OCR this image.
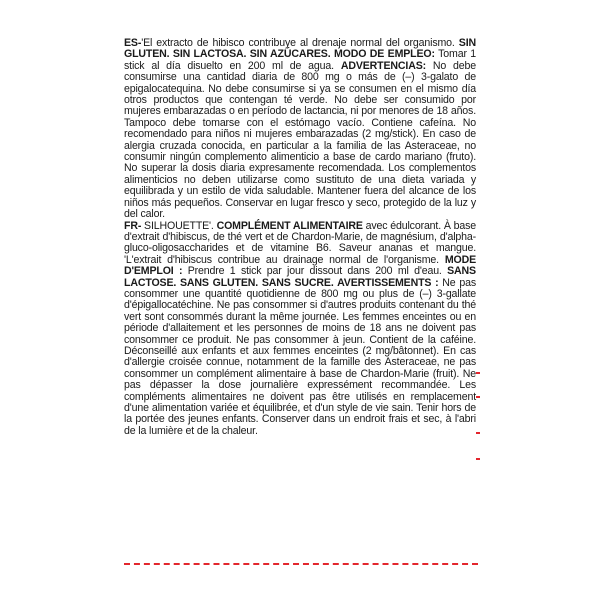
ES-'El extracto de hibisco contribuye al drenaje normal del organismo. SIN GLUTEN. SIN LACTOSA. SIN AZÚCARES. MODO DE EMPLEO: Tomar 1 stick al día disuelto en 200 ml de agua. ADVERTENCIAS: No debe consumirse una cantidad diaria de 800 mg o más de (–) 3-galato de epigalocatequina. No debe consumirse si ya se consumen en el mismo día otros productos que contengan té verde. No debe ser consumido por mujeres embarazadas o en período de lactancia, ni por menores de 18 años. Tampoco debe tomarse con el estómago vacío. Contiene cafeína. No recomendado para niños ni mujeres embarazadas (2 mg/stick). En caso de alergia cruzada conocida, en particular a la familia de las Asteraceae, no consumir ningún complemento alimenticio a base de cardo mariano (fruto). No superar la dosis diaria expresamente recomendada. Los complementos alimenticios no deben utilizarse como sustituto de una dieta variada y equilibrada y un estilo de vida saludable. Mantener fuera del alcance de los niños más pequeños. Conservar en lugar fresco y seco, protegido de la luz y del calor.

FR- SILHOUETTE'. COMPLÉMENT ALIMENTAIRE avec édulcorant. À base d'extrait d'hibiscus, de thé vert et de Chardon-Marie, de magnésium, d'alpha-gluco-oligosaccharides et de vitamine B6. Saveur ananas et mangue. 'L'extrait d'hibiscus contribue au drainage normal de l'organisme. MODE D'EMPLOI : Prendre 1 stick par jour dissout dans 200 ml d'eau. SANS LACTOSE. SANS GLUTEN. SANS SUCRE. AVERTISSEMENTS : Ne pas consommer une quantité quotidienne de 800 mg ou plus de (–) 3-gallate d'épigallocatéchine. Ne pas consommer si d'autres produits contenant du thé vert sont consommés durant la même journée. Les femmes enceintes ou en période d'allaitement et les personnes de moins de 18 ans ne doivent pas consommer ce produit. Ne pas consommer à jeun. Contient de la caféine. Déconseillé aux enfants et aux femmes enceintes (2 mg/bâtonnet). En cas d'allergie croisée connue, notamment de la famille des Asteraceae, ne pas consommer un complément alimentaire à base de Chardon-Marie (fruit). Ne pas dépasser la dose journalière expressément recommandée. Les compléments alimentaires ne doivent pas être utilisés en remplacement d'une alimentation variée et équilibrée, et d'un style de vie sain. Tenir hors de la portée des jeunes enfants. Conserver dans un endroit frais et sec, à l'abri de la lumière et de la chaleur.
